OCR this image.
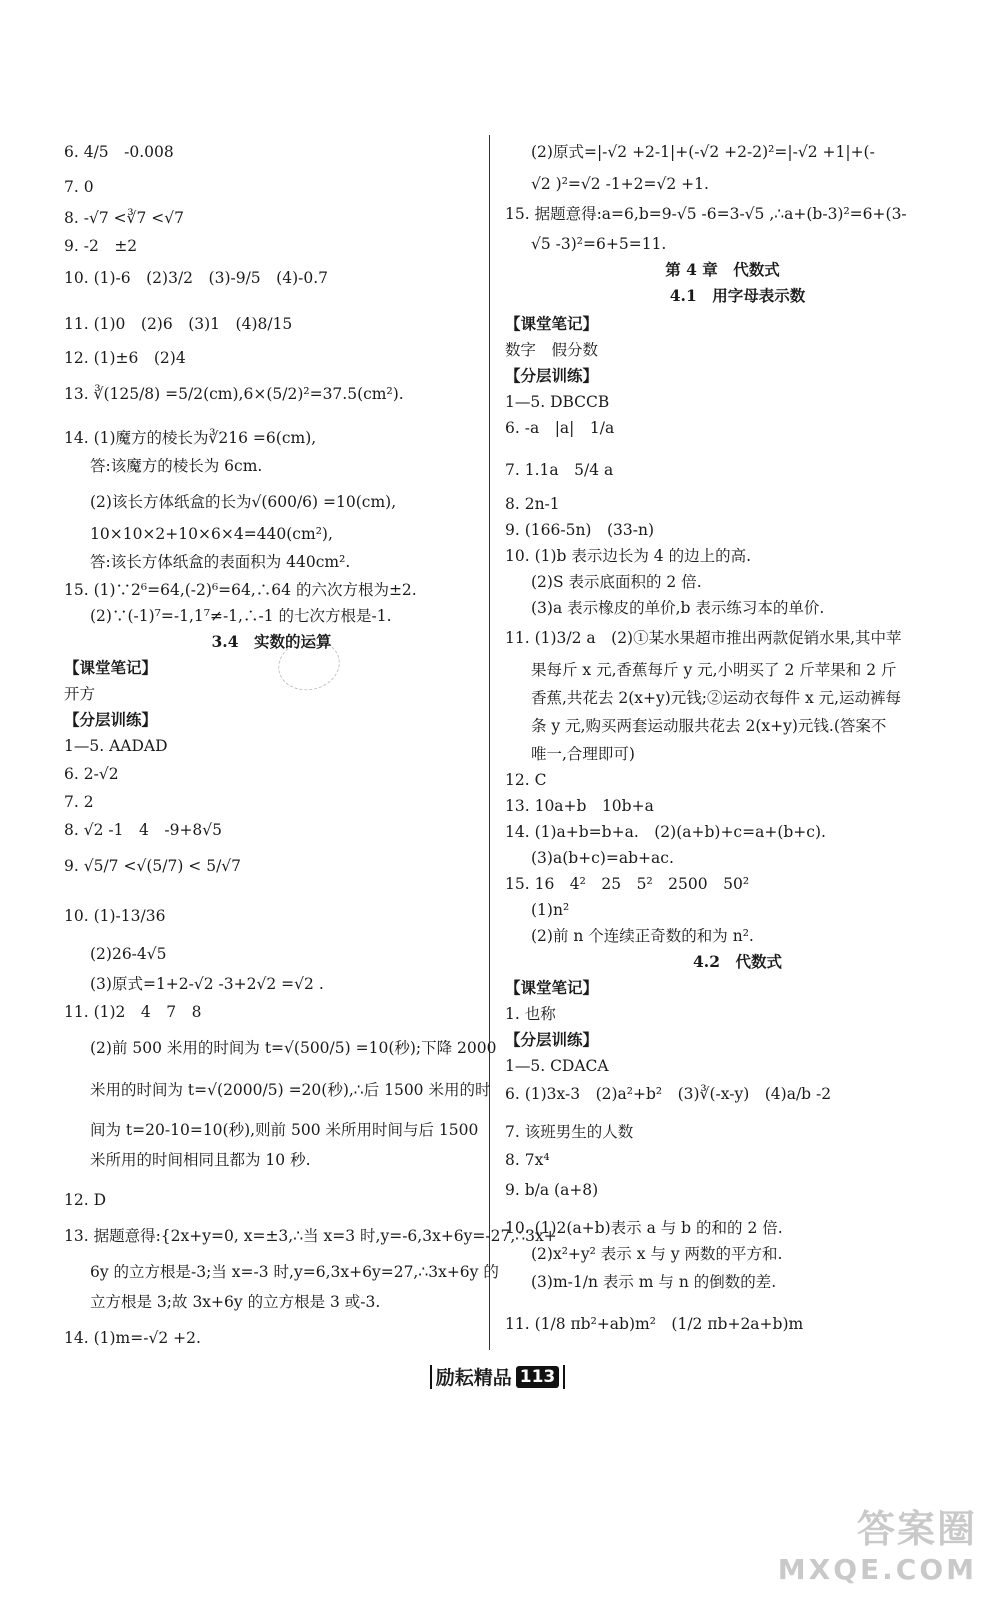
6. 4/5　-0.008
7. 0
8. -√7 <∛7 <√7
9. -2　±2
10. (1)-6　(2)3/2　(3)-9/5　(4)-0.7
11. (1)0　(2)6　(3)1　(4)8/15
12. (1)±6　(2)4
13. ∛(125/8) =5/2(cm),6×(5/2)²=37.5(cm²).
14. (1)魔方的棱长为∛216 =6(cm),
答:该魔方的棱长为 6cm.
(2)该长方体纸盒的长为√(600/6) =10(cm),
10×10×2+10×6×4=440(cm²),
答:该长方体纸盒的表面积为 440cm².
15. (1)∵2⁶=64,(-2)⁶=64,∴64 的六次方根为±2.
(2)∵(-1)⁷=-1,1⁷≠-1,∴-1 的七次方根是-1.
3.4　实数的运算
【课堂笔记】
开方
【分层训练】
1—5. AADAD
6. 2-√2
7. 2
8. √2 -1　4　-9+8√5
9. √5/7 <√(5/7) < 5/√7
10. (1)-13/36
(2)26-4√5
(3)原式=1+2-√2 -3+2√2 =√2 .
11. (1)2　4　7　8
(2)前 500 米用的时间为 t=√(500/5) =10(秒);下降 2000
米用的时间为 t=√(2000/5) =20(秒),∴后 1500 米用的时
间为 t=20-10=10(秒),则前 500 米所用时间与后 1500
米所用的时间相同且都为 10 秒.
12. D
13. 据题意得:{2x+y=0, x=±3,∴当 x=3 时,y=-6,3x+6y=-27,∴3x+
6y 的立方根是-3;当 x=-3 时,y=6,3x+6y=27,∴3x+6y 的
立方根是 3;故 3x+6y 的立方根是 3 或-3.
14. (1)m=-√2 +2.
(2)原式=|-√2 +2-1|+(-√2 +2-2)²=|-√2 +1|+(-
√2 )²=√2 -1+2=√2 +1.
15. 据题意得:a=6,b=9-√5 -6=3-√5 ,∴a+(b-3)²=6+(3-
√5 -3)²=6+5=11.
第 4 章　代数式
4.1　用字母表示数
【课堂笔记】
数字　假分数
【分层训练】
1—5. DBCCB
6. -a　|a|　1/a
7. 1.1a　5/4 a
8. 2n-1
9. (166-5n)　(33-n)
10. (1)b 表示边长为 4 的边上的高.
(2)S 表示底面积的 2 倍.
(3)a 表示橡皮的单价,b 表示练习本的单价.
11. (1)3/2 a　(2)①某水果超市推出两款促销水果,其中苹
果每斤 x 元,香蕉每斤 y 元,小明买了 2 斤苹果和 2 斤
香蕉,共花去 2(x+y)元钱;②运动衣每件 x 元,运动裤每
条 y 元,购买两套运动服共花去 2(x+y)元钱.(答案不
唯一,合理即可)
12. C
13. 10a+b　10b+a
14. (1)a+b=b+a.　(2)(a+b)+c=a+(b+c).
(3)a(b+c)=ab+ac.
15. 16　4²　25　5²　2500　50²
(1)n²
(2)前 n 个连续正奇数的和为 n².
4.2　代数式
【课堂笔记】
1. 也称
【分层训练】
1—5. CDACA
6. (1)3x-3　(2)a²+b²　(3)∛(-x-y)　(4)a/b -2
7. 该班男生的人数
8. 7x⁴
9. b/a (a+8)
10. (1)2(a+b)表示 a 与 b 的和的 2 倍.
(2)x²+y² 表示 x 与 y 两数的平方和.
(3)m-1/n 表示 m 与 n 的倒数的差.
11. (1/8 πb²+ab)m²　(1/2 πb+2a+b)m
励耘精品 113
答案圈
MXQE.COM
